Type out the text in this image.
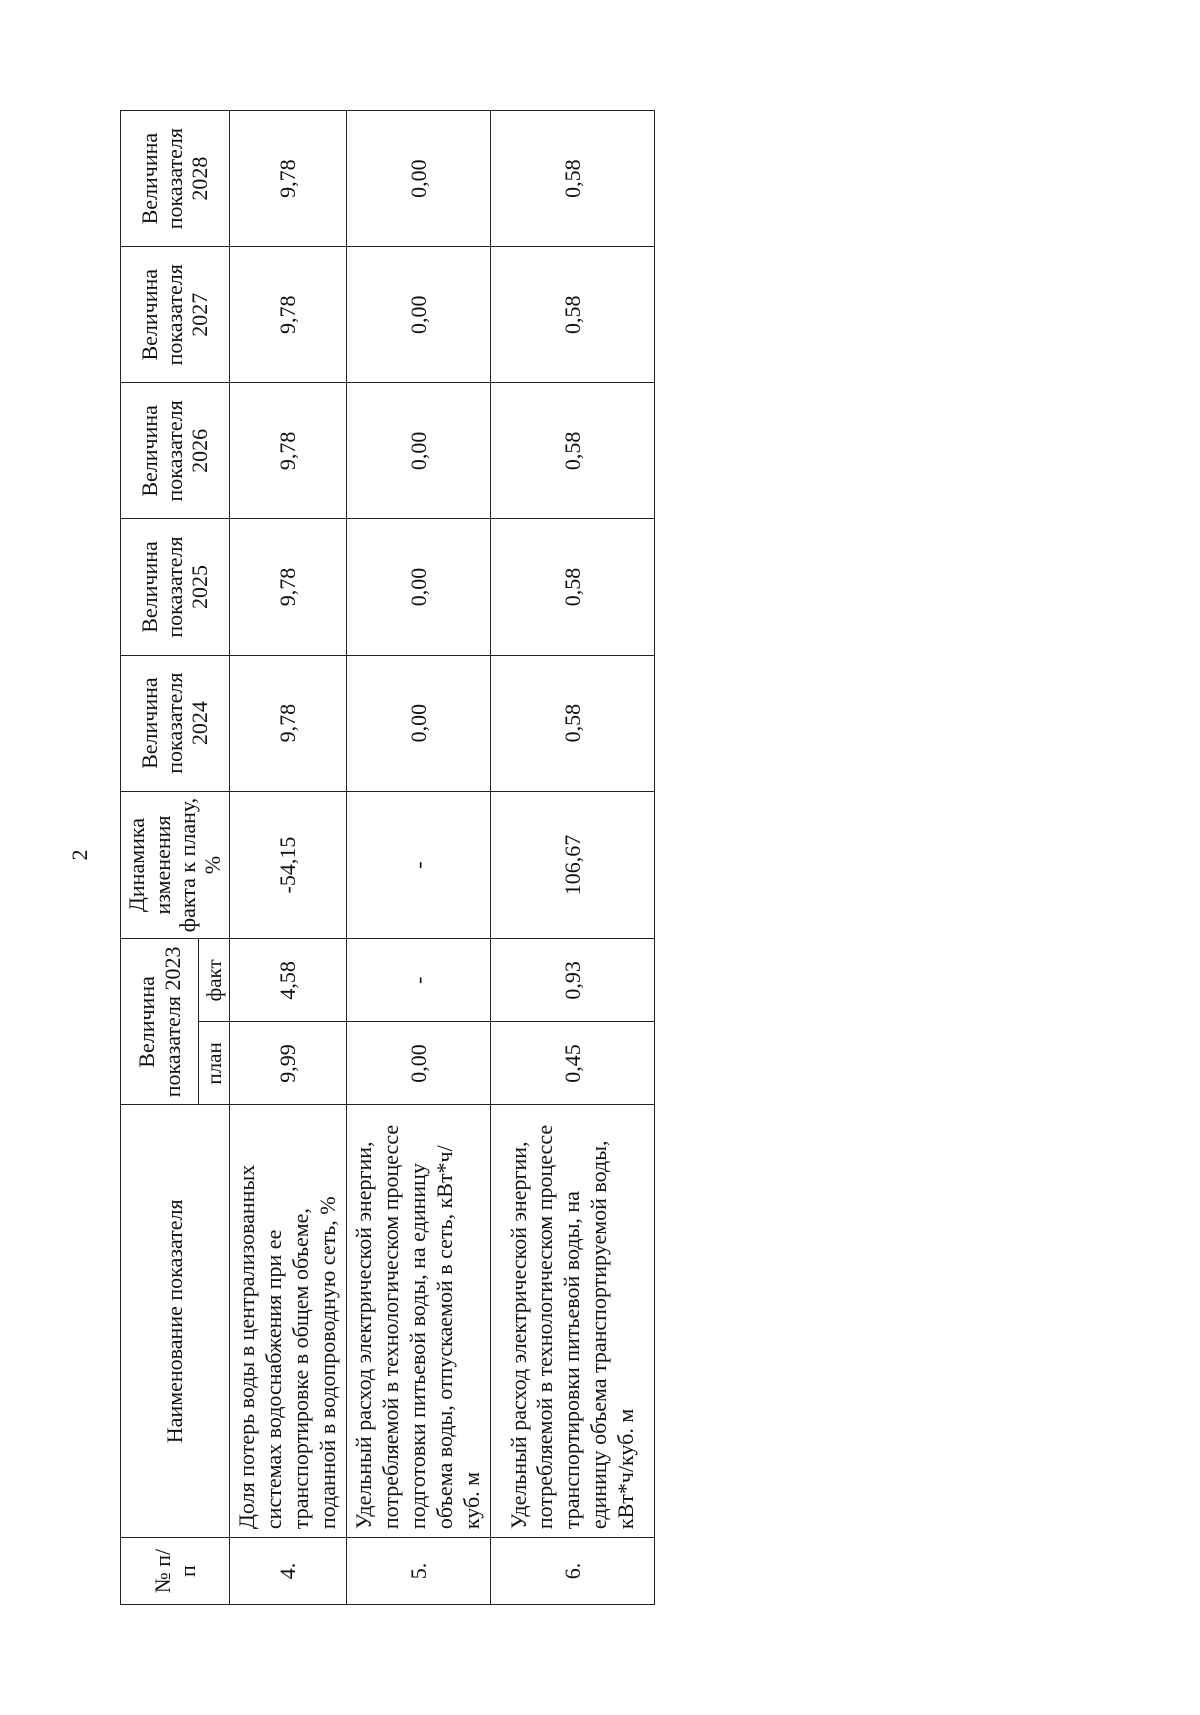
2
№ п/п	Наименование показателя	Величина показателя 2023		Динамика изменения факта к плану, %	Величина показателя 2024	Величина показателя 2025	Величина показателя 2026	Величина показателя 2027	Величина показателя 2028
		план	факт						
4.	Доля потерь воды в централизованных системах водоснабжения при ее транспортировке в общем объеме, поданной в водопроводную сеть, %	9,99	4,58	-54,15	9,78	9,78	9,78	9,78	9,78
5.	Удельный расход электрической энергии, потребляемой в технологическом процессе подготовки питьевой воды, на единицу объема воды, отпускаемой в сеть, кВт*ч/куб. м	0,00	-	-	0,00	0,00	0,00	0,00	0,00
6.	Удельный расход электрической энергии, потребляемой в технологическом процессе транспортировки питьевой воды, на единицу объема транспортируемой воды, кВт*ч/куб. м	0,45	0,93	106,67	0,58	0,58	0,58	0,58	0,58
